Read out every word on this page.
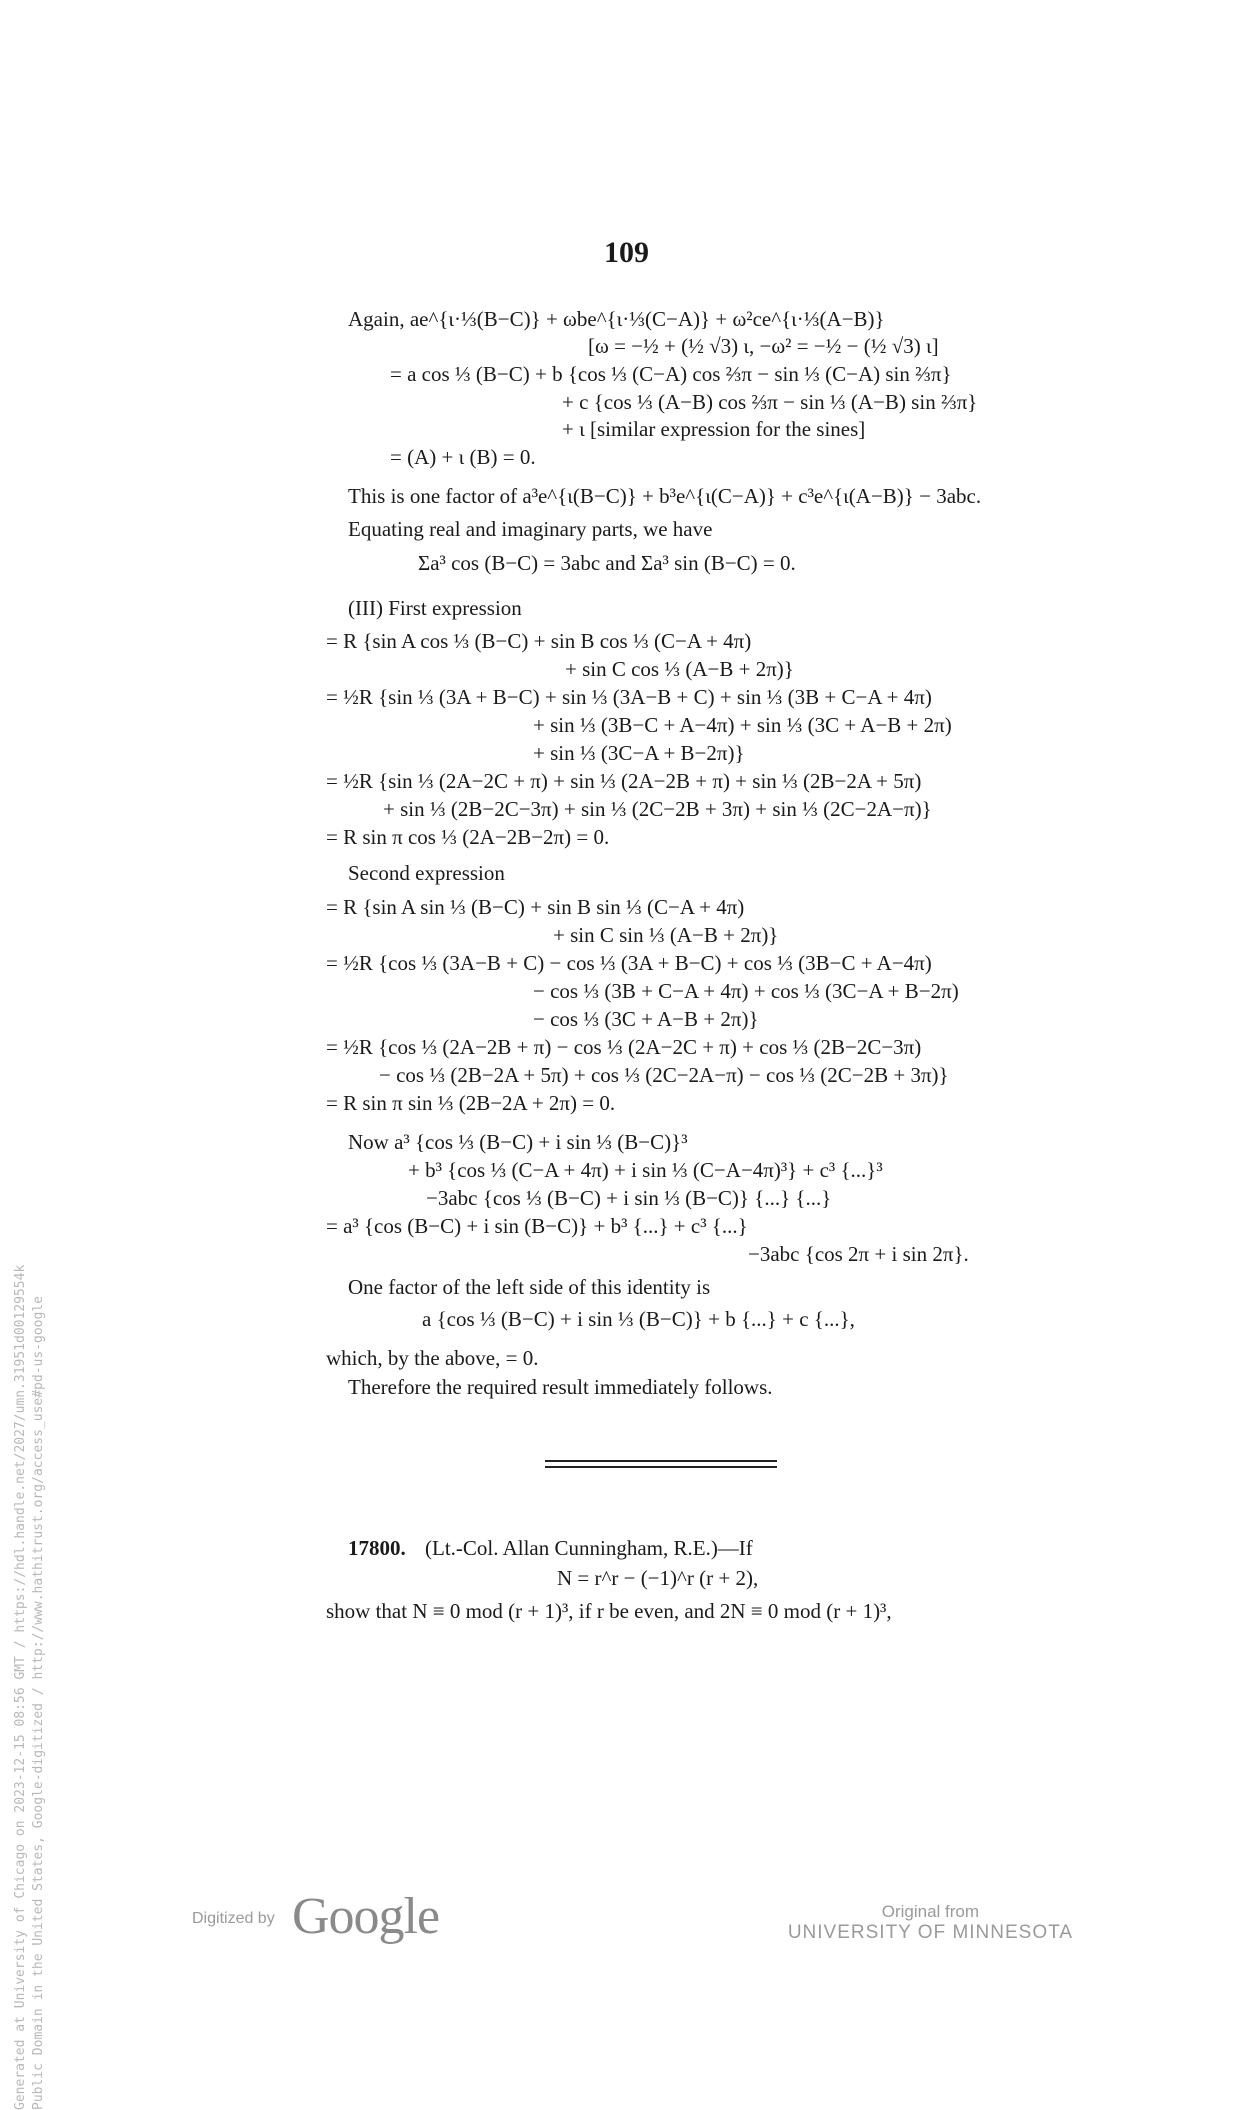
109
Again, ae^{ι·⅓(B−C)} + ωbe^{ι·⅓(C−A)} + ω²ce^{ι·⅓(A−B)}
[ω = −½ + (½ √3) ι, −ω² = −½ − (½ √3) ι]
= a cos ⅓ (B−C) + b {cos ⅓ (C−A) cos ⅔π − sin ⅓ (C−A) sin ⅔π}
+ c {cos ⅓ (A−B) cos ⅔π − sin ⅓ (A−B) sin ⅔π}
+ ι [similar expression for the sines]
= (A) + ι (B) = 0.
This is one factor of a³e^{ι(B−C)} + b³e^{ι(C−A)} + c³e^{ι(A−B)} − 3abc.
Equating real and imaginary parts, we have
Σa³ cos (B−C) = 3abc and Σa³ sin (B−C) = 0.
(III) First expression
= R {sin A cos ⅓ (B−C) + sin B cos ⅓ (C−A + 4π)
+ sin C cos ⅓ (A−B + 2π)}
= ½R {sin ⅓ (3A + B−C) + sin ⅓ (3A−B + C) + sin ⅓ (3B + C−A + 4π)
+ sin ⅓ (3B−C + A−4π) + sin ⅓ (3C + A−B + 2π)
+ sin ⅓ (3C−A + B−2π)}
= ½R {sin ⅓ (2A−2C + π) + sin ⅓ (2A−2B + π) + sin ⅓ (2B−2A + 5π)
+ sin ⅓ (2B−2C−3π) + sin ⅓ (2C−2B + 3π) + sin ⅓ (2C−2A−π)}
= R sin π cos ⅓ (2A−2B−2π) = 0.
Second expression
= R {sin A sin ⅓ (B−C) + sin B sin ⅓ (C−A + 4π)
+ sin C sin ⅓ (A−B + 2π)}
= ½R {cos ⅓ (3A−B + C) − cos ⅓ (3A + B−C) + cos ⅓ (3B−C + A−4π)
− cos ⅓ (3B + C−A + 4π) + cos ⅓ (3C−A + B−2π)
− cos ⅓ (3C + A−B + 2π)}
= ½R {cos ⅓ (2A−2B + π) − cos ⅓ (2A−2C + π) + cos ⅓ (2B−2C−3π)
− cos ⅓ (2B−2A + 5π) + cos ⅓ (2C−2A−π) − cos ⅓ (2C−2B + 3π)}
= R sin π sin ⅓ (2B−2A + 2π) = 0.
Now a³ {cos ⅓ (B−C) + i sin ⅓ (B−C)}³
+ b³ {cos ⅓ (C−A + 4π) + i sin ⅓ (C−A−4π)³} + c³ {...}³
−3abc {cos ⅓ (B−C) + i sin ⅓ (B−C)} {...} {...}
= a³ {cos (B−C) + i sin (B−C)} + b³ {...} + c³ {...}
−3abc {cos 2π + i sin 2π}.
One factor of the left side of this identity is
a {cos ⅓ (B−C) + i sin ⅓ (B−C)} + b {...} + c {...},
which, by the above, = 0.
Therefore the required result immediately follows.
17800. (Lt.-Col. Allan Cunningham, R.E.)—If
N = r^r − (−1)^r (r + 2),
show that N ≡ 0 mod (r + 1)³, if r be even, and 2N ≡ 0 mod (r + 1)³,
Generated at University of Chicago on 2023-12-15 08:56 GMT / https://hdl.handle.net/2027/umn.31951d00129554k Public Domain in the United States, Google-digitized / http://www.hathitrust.org/access_use#pd-us-google	Digitized by Google	Original from
UNIVERSITY OF MINNESOTA
